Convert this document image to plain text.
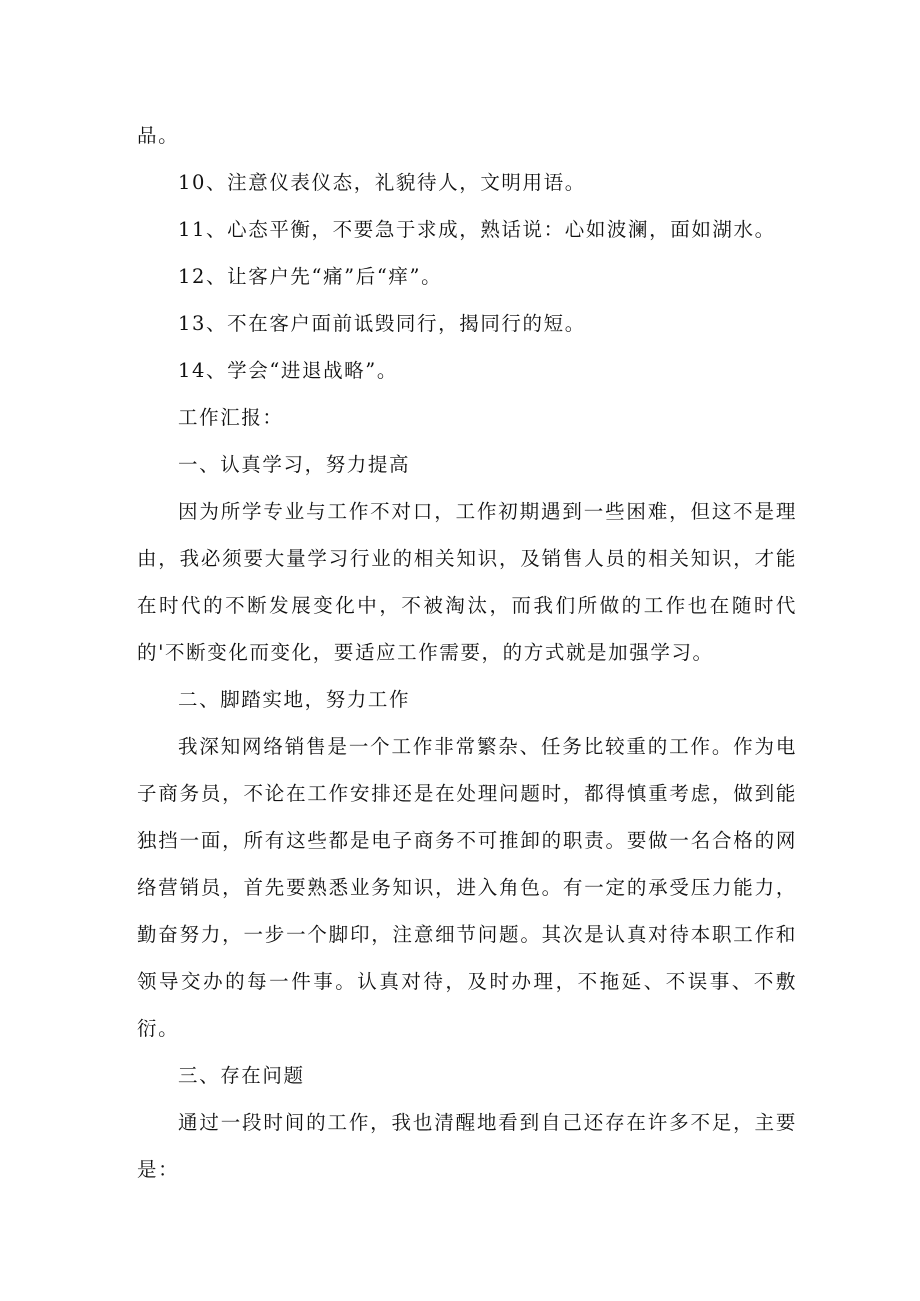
品。

10、注意仪表仪态，礼貌待人，文明用语。

11、心态平衡，不要急于求成，熟话说：心如波澜，面如湖水。

12、让客户先“痛”后“痒”。

13、不在客户面前诋毁同行，揭同行的短。

14、学会“进退战略”。

工作汇报：

一、认真学习，努力提高

因为所学专业与工作不对口，工作初期遇到一些困难，但这不是理由，我必须要大量学习行业的相关知识，及销售人员的相关知识，才能在时代的不断发展变化中，不被淘汰，而我们所做的工作也在随时代的'不断变化而变化，要适应工作需要，的方式就是加强学习。

二、脚踏实地，努力工作

我深知网络销售是一个工作非常繁杂、任务比较重的工作。作为电子商务员，不论在工作安排还是在处理问题时，都得慎重考虑，做到能独挡一面，所有这些都是电子商务不可推卸的职责。要做一名合格的网络营销员，首先要熟悉业务知识，进入角色。有一定的承受压力能力，勤奋努力，一步一个脚印，注意细节问题。其次是认真对待本职工作和领导交办的每一件事。认真对待，及时办理，不拖延、不误事、不敷衍。

三、存在问题

通过一段时间的工作，我也清醒地看到自己还存在许多不足，主要是：
